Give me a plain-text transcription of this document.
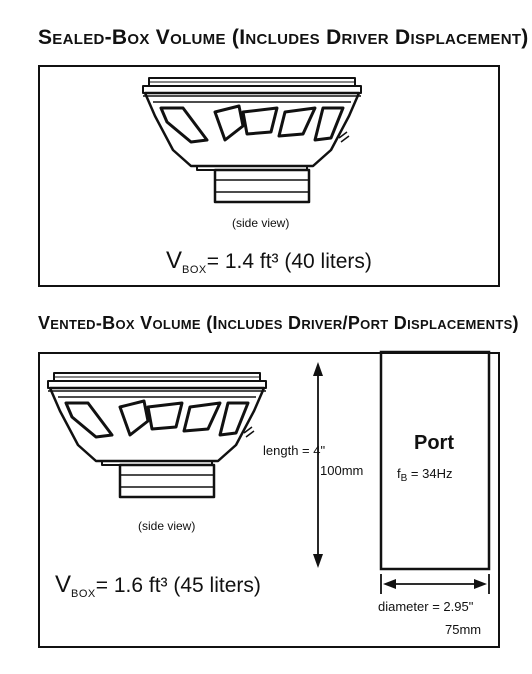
Sealed-Box Volume (Includes Driver Displacement)
(side view)
$V_{BOX}= 1.4$ ft³ (40 liters)
Vented-Box Volume (Includes Driver/Port Displacements)
(side view)
$V_{BOX}= 1.6$ ft³ (45 liters)
length = 4"
100mm
Port
$f_B = 34Hz$
diameter = 2.95"
75mm
